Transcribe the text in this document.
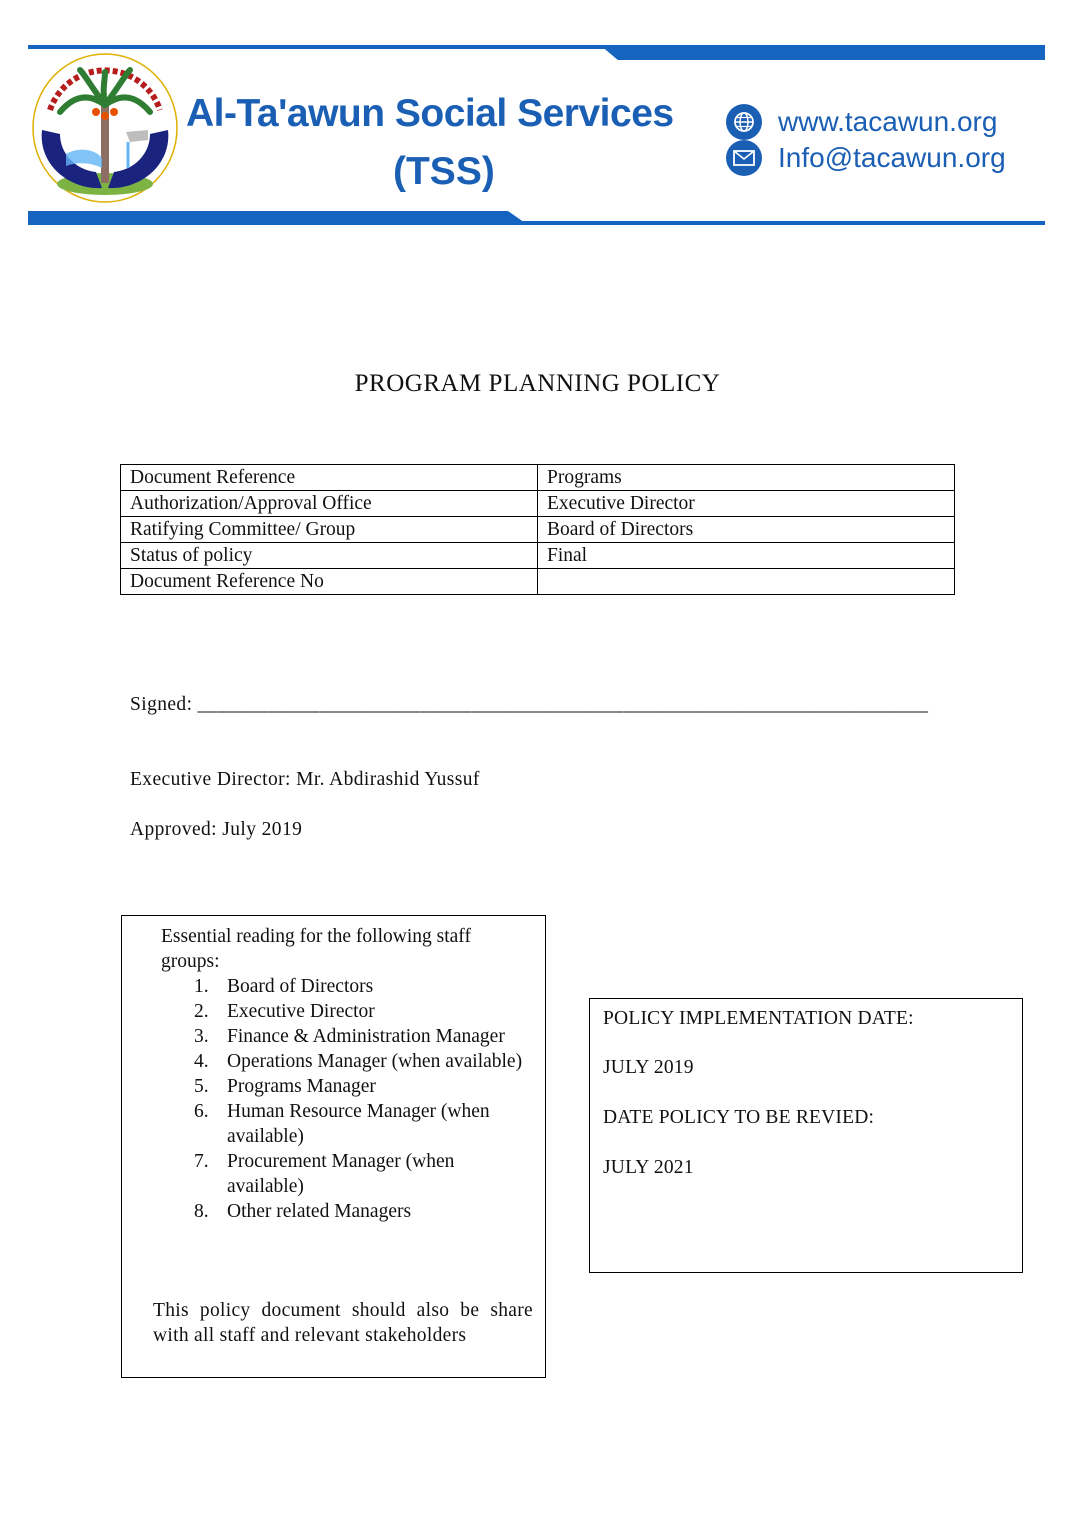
Al-Ta'awun Social Services
(TSS)
www.tacawun.org
Info@tacawun.org
PROGRAM PLANNING POLICY
Document Reference	Programs
Authorization/Approval Office	Executive Director
Ratifying Committee/ Group	Board of Directors
Status of policy	Final
Document Reference No	
Signed: ________________________________________________________________________
Executive Director: Mr. Abdirashid Yussuf
Approved: July 2019
Essential reading for the following staff groups:
1. Board of Directors
2. Executive Director
3. Finance & Administration Manager
4. Operations Manager (when available)
5. Programs Manager
6. Human Resource Manager (when available)
7. Procurement Manager (when available)
8. Other related Managers
This policy document should also be share with all staff and relevant stakeholders
POLICY IMPLEMENTATION DATE:
JULY 2019
DATE POLICY TO BE REVIED:
JULY 2021
